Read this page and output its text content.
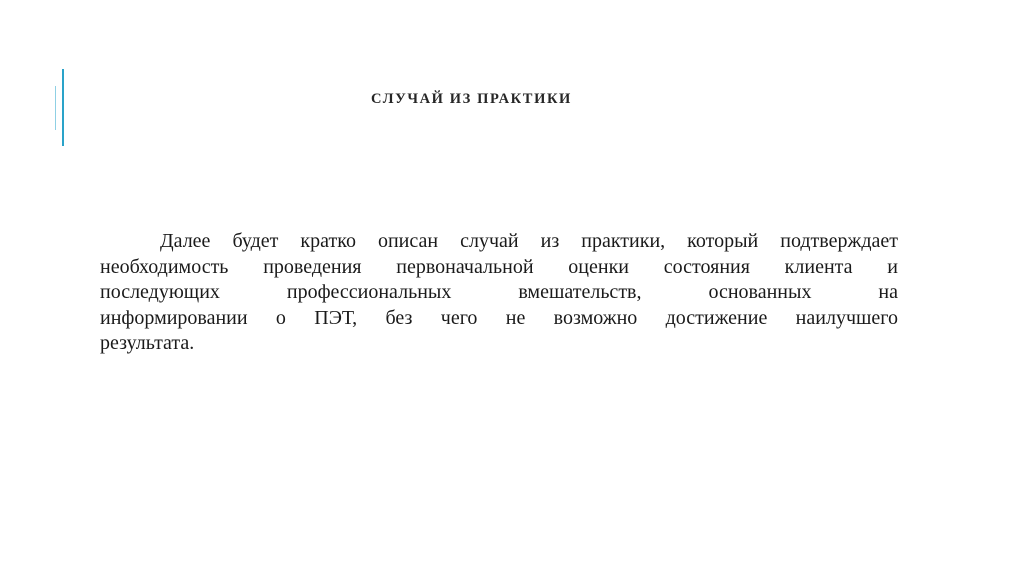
СЛУЧАЙ ИЗ ПРАКТИКИ

Далее будет кратко описан случай из практики, который подтверждает
необходимость проведения первоначальной оценки состояния клиента и
последующих профессиональных вмешательств, основанных на
информировании о ПЭТ, без чего не возможно достижение наилучшего
результата.
